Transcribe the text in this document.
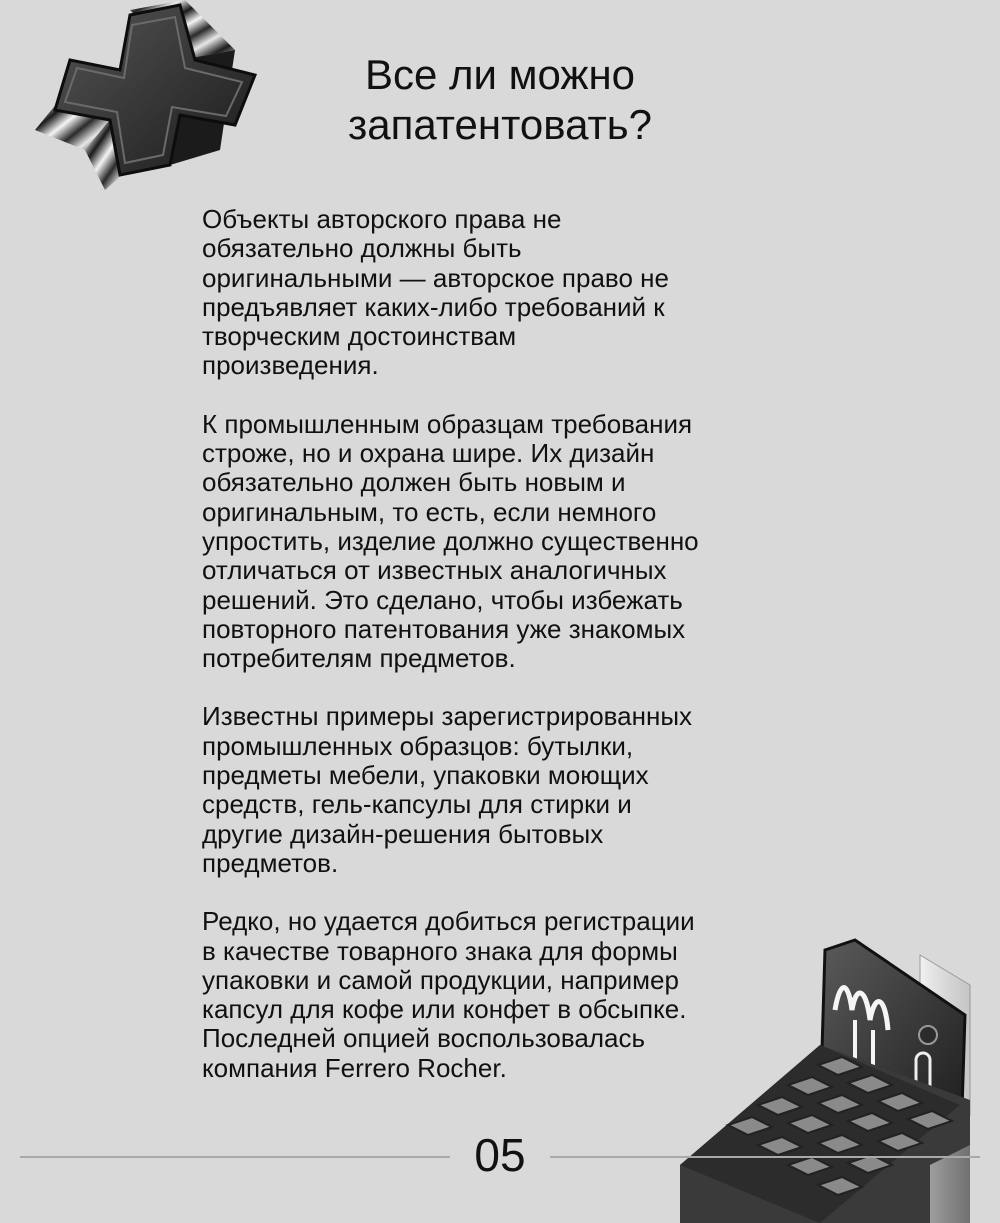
Все ли можно
запатентовать?

Объекты авторского права не
обязательно должны быть
оригинальными — авторское право не
предъявляет каких-либо требований к
творческим достоинствам
произведения.

К промышленным образцам требования
строже, но и охрана шире. Их дизайн
обязательно должен быть новым и
оригинальным, то есть, если немного
упростить, изделие должно существенно
отличаться от известных аналогичных
решений. Это сделано, чтобы избежать
повторного патентования уже знакомых
потребителям предметов.

Известны примеры зарегистрированных
промышленных образцов: бутылки,
предметы мебели, упаковки моющих
средств, гель-капсулы для стирки и
другие дизайн-решения бытовых
предметов.

Редко, но удается добиться регистрации
в качестве товарного знака для формы
упаковки и самой продукции, например
капсул для кофе или конфет в обсыпке.
Последней опцией воспользовалась
компания Ferrero Rocher.

05
